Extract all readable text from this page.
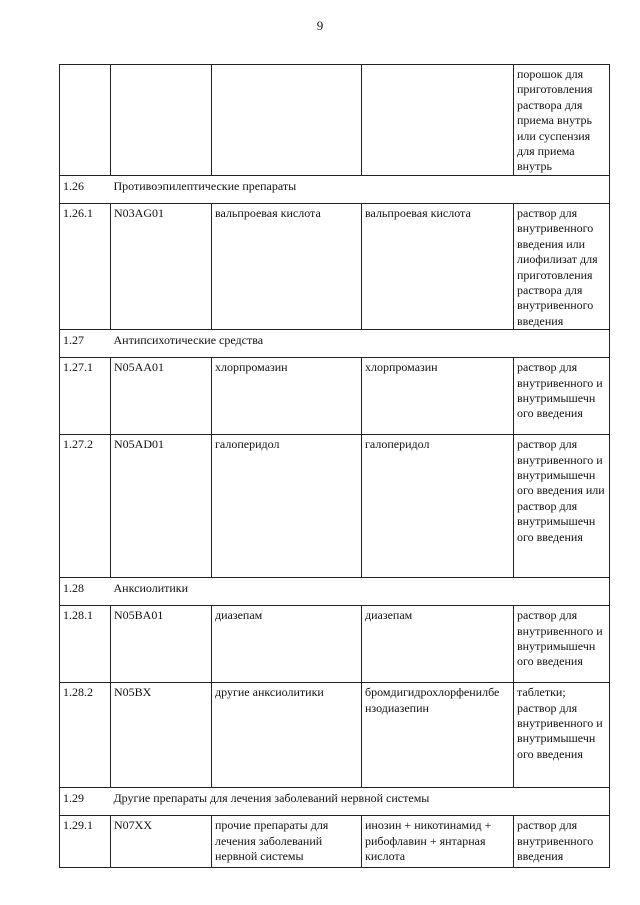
9
				порошок для приготовления раствора для приема внутрь или суспензия для приема внутрь
1.26	Противоэпилептические препараты			
1.26.1	N03AG01	вальпроевая кислота	вальпроевая кислота	раствор для внутривенного введения или лиофилизат для приготовления раствора для внутривенного введения
1.27	Антипсихотические средства			
1.27.1	N05AA01	хлорпромазин	хлорпромазин	раствор для внутривенного и внутримышечн ого введения
1.27.2	N05AD01	галоперидол	галоперидол	раствор для внутривенного и внутримышечн ого введения или раствор для внутримышечн ого введения
1.28	Анксиолитики			
1.28.1	N05BA01	диазепам	диазепам	раствор для внутривенного и внутримышечн ого введения
1.28.2	N05BX	другие анксиолитики	бромдигидрохлорфенилбе нзодиазепин	таблетки; раствор для внутривенного и внутримышечн ого введения
1.29	Другие препараты для лечения заболеваний нервной системы			
1.29.1	N07XX	прочие препараты для лечения заболеваний нервной системы	инозин + никотинамид + рибофлавин + янтарная кислота	раствор для внутривенного введения
